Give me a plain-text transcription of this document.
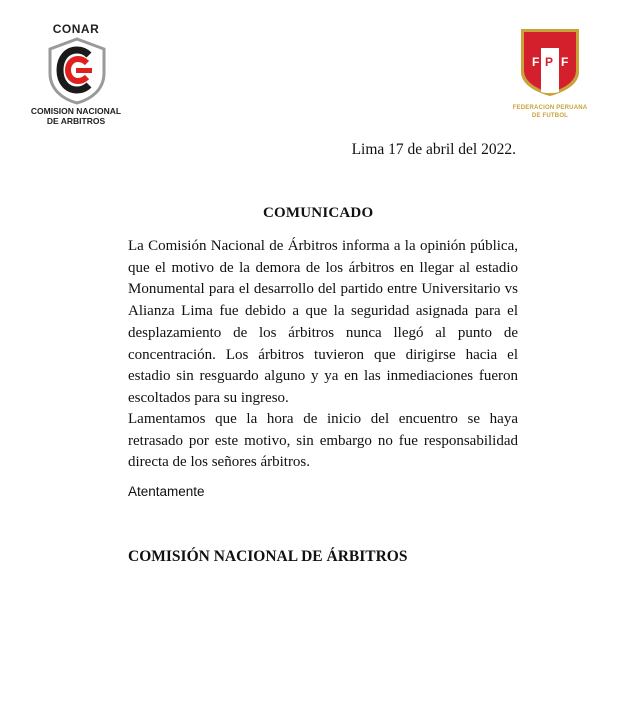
CONAR
COMISION NACIONAL
DE ARBITROS
F P F
FEDERACION PERUANA
DE FUTBOL
Lima 17 de abril del 2022.
COMUNICADO

La Comisión Nacional de Árbitros informa a la opinión pública, que el motivo de la demora de los árbitros en llegar al estadio Monumental para el desarrollo del partido entre Universitario vs Alianza Lima fue debido a que la seguridad asignada para el desplazamiento de los árbitros nunca llegó al punto de concentración. Los árbitros tuvieron que dirigirse hacia el estadio sin resguardo alguno y ya en las inmediaciones fueron escoltados para su ingreso.

Lamentamos que la hora de inicio del encuentro se haya retrasado por este motivo, sin embargo no fue responsabilidad directa de los señores árbitros.

Atentamente
COMISIÓN NACIONAL DE ÁRBITROS
